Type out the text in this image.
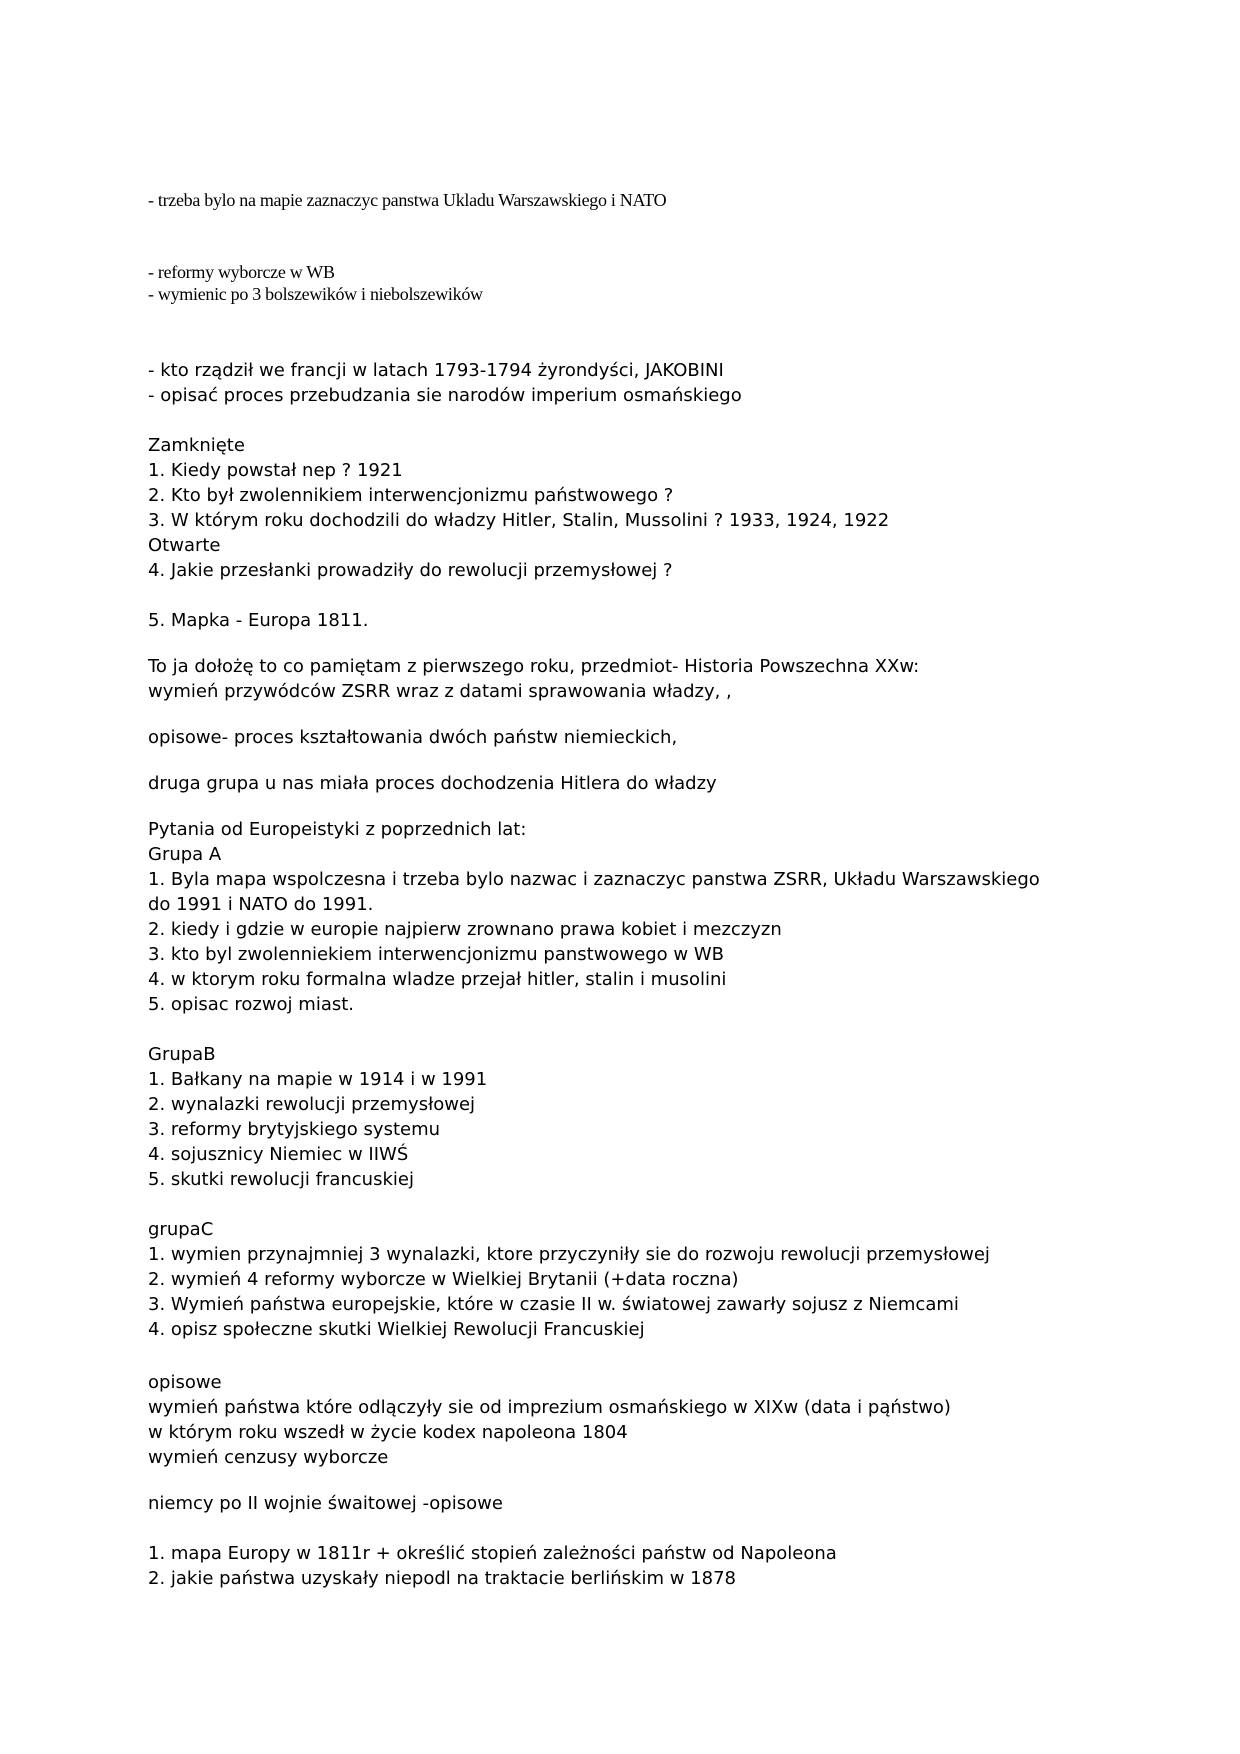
- trzeba bylo na mapie zaznaczyc panstwa Ukladu Warszawskiego i NATO
- reformy wyborcze w WB
- wymienic po 3 bolszewików i niebolszewików
- kto rządził we francji w latach 1793-1794 żyrondyści, JAKOBINI
- opisać proces przebudzania sie narodów imperium osmańskiego
Zamknięte
1. Kiedy powstał nep ? 1921
2. Kto był zwolennikiem interwencjonizmu państwowego ?
3. W którym roku dochodzili do władzy Hitler, Stalin, Mussolini ? 1933, 1924, 1922
Otwarte
4. Jakie przesłanki prowadziły do rewolucji przemysłowej ?
5. Mapka - Europa 1811.
To ja dołożę to co pamiętam z pierwszego roku, przedmiot- Historia Powszechna XXw:
wymień przywódców ZSRR wraz z datami sprawowania władzy, ,
opisowe- proces kształtowania dwóch państw niemieckich,
druga grupa u nas miała proces dochodzenia Hitlera do władzy
Pytania od Europeistyki z poprzednich lat:
Grupa A
1. Byla mapa wspolczesna i trzeba bylo nazwac i zaznaczyc panstwa ZSRR, Układu Warszawskiego
do 1991 i NATO do 1991.
2. kiedy i gdzie w europie najpierw zrownano prawa kobiet i mezczyzn
3. kto byl zwolenniekiem interwencjonizmu panstwowego w WB
4. w ktorym roku formalna wladze przejał hitler, stalin i musolini
5. opisac rozwoj miast.
GrupaB
1. Bałkany na mapie w 1914 i w 1991
2. wynalazki rewolucji przemysłowej
3. reformy brytyjskiego systemu
4. sojusznicy Niemiec w IIWŚ
5. skutki rewolucji francuskiej
grupaC
1. wymien przynajmniej 3 wynalazki, ktore przyczyniły sie do rozwoju rewolucji przemysłowej
2. wymień 4 reformy wyborcze w Wielkiej Brytanii (+data roczna)
3. Wymień państwa europejskie, które w czasie II w. światowej zawarły sojusz z Niemcami
4. opisz społeczne skutki Wielkiej Rewolucji Francuskiej
opisowe
wymień państwa które odlączyły sie od imprezium osmańskiego w XIXw (data i pąństwo)
w którym roku wszedł w życie kodex napoleona 1804
wymień cenzusy wyborcze
niemcy po II wojnie śwaitowej -opisowe
1. mapa Europy w 1811r + określić stopień zależności państw od Napoleona
2. jakie państwa uzyskały niepodl na traktacie berlińskim w 1878
